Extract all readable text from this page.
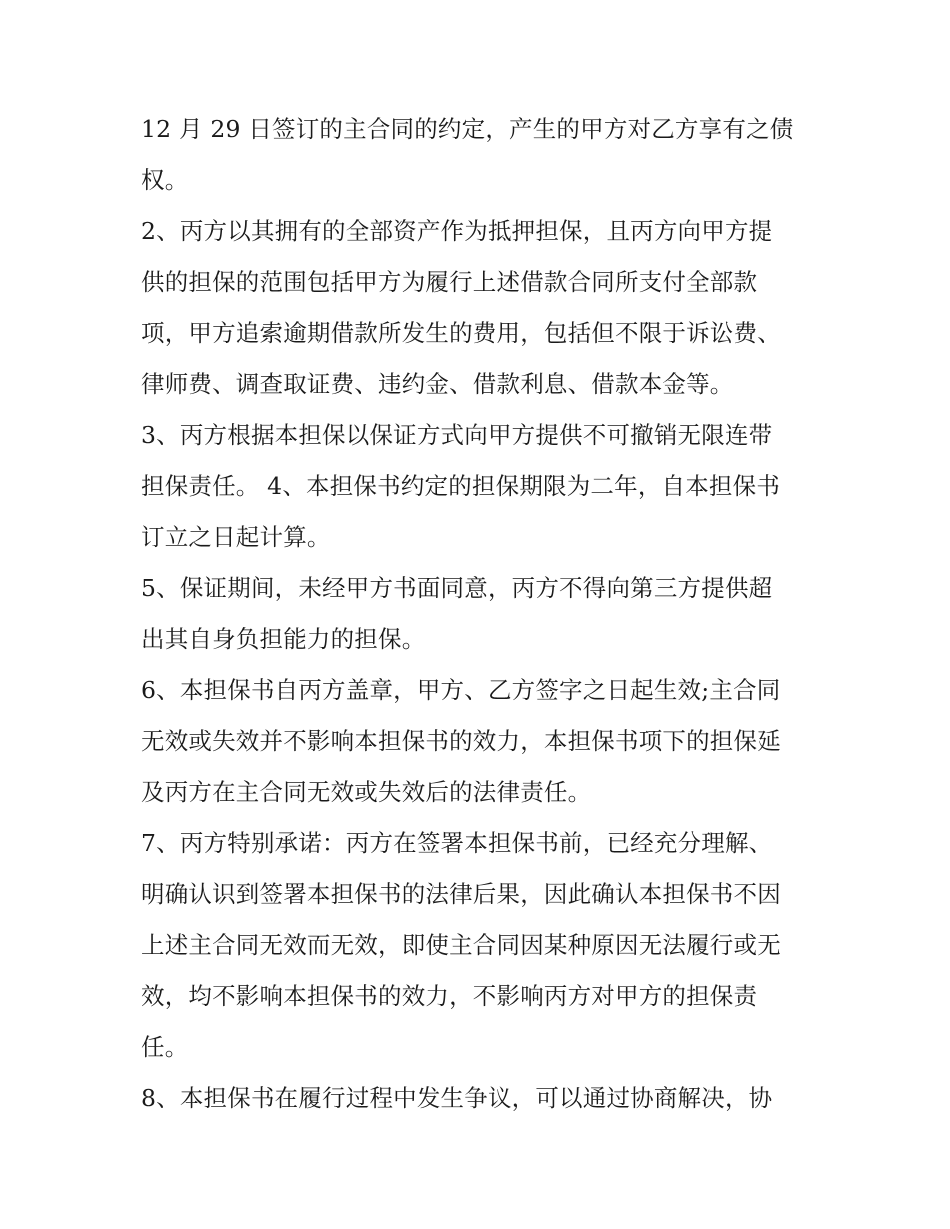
12 月 29 日签订的主合同的约定，产生的甲方对乙方享有之债
权。
2、丙方以其拥有的全部资产作为抵押担保，且丙方向甲方提
供的担保的范围包括甲方为履行上述借款合同所支付全部款
项，甲方追索逾期借款所发生的费用，包括但不限于诉讼费、
律师费、调查取证费、违约金、借款利息、借款本金等。
3、丙方根据本担保以保证方式向甲方提供不可撤销无限连带
担保责任。 4、本担保书约定的担保期限为二年，自本担保书
订立之日起计算。
5、保证期间，未经甲方书面同意，丙方不得向第三方提供超
出其自身负担能力的担保。
6、本担保书自丙方盖章，甲方、乙方签字之日起生效;主合同
无效或失效并不影响本担保书的效力，本担保书项下的担保延
及丙方在主合同无效或失效后的法律责任。
7、丙方特别承诺：丙方在签署本担保书前，已经充分理解、
明确认识到签署本担保书的法律后果，因此确认本担保书不因
上述主合同无效而无效，即使主合同因某种原因无法履行或无
效，均不影响本担保书的效力，不影响丙方对甲方的担保责
任。
8、本担保书在履行过程中发生争议，可以通过协商解决，协
